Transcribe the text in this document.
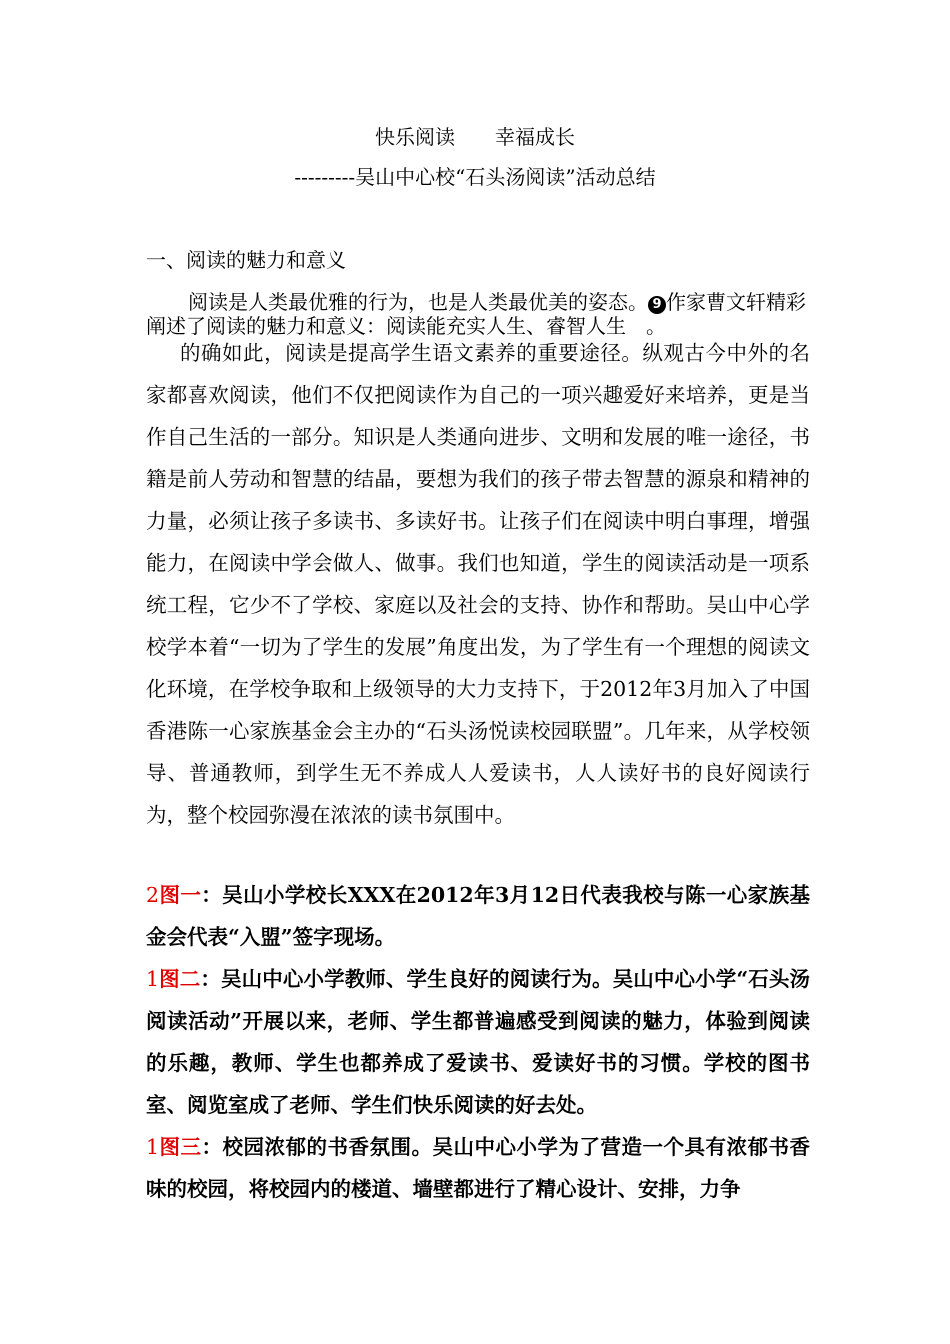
快乐阅读　　幸福成长
---------吴山中心校“石头汤阅读”活动总结
一、阅读的魅力和意义
阅读是人类最优雅的行为，也是人类最优美的姿态。 9 作家曹文轩精彩阐述了阅读的魅力和意义：阅读能充实人生、睿智人生　。
的确如此，阅读是提高学生语文素养的重要途径。纵观古今中外的名家都喜欢阅读，他们不仅把阅读作为自己的一项兴趣爱好来培养，更是当作自己生活的一部分。知识是人类通向进步、文明和发展的唯一途径，书籍是前人劳动和智慧的结晶，要想为我们的孩子带去智慧的源泉和精神的力量，必须让孩子多读书、多读好书。让孩子们在阅读中明白事理，增强能力，在阅读中学会做人、做事。我们也知道，学生的阅读活动是一项系统工程，它少不了学校、家庭以及社会的支持、协作和帮助。吴山中心学校学本着“一切为了学生的发展”角度出发，为了学生有一个理想的阅读文化环境，在学校争取和上级领导的大力支持下，于2012年3月加入了中国香港陈一心家族基金会主办的“石头汤悦读校园联盟”。几年来，从学校领导、普通教师，到学生无不养成人人爱读书，人人读好书的良好阅读行为，整个校园弥漫在浓浓的读书氛围中。
2图一：吴山小学校长XXX在2012年3月12日代表我校与陈一心家族基金会代表“入盟”签字现场。
1图二：吴山中心小学教师、学生良好的阅读行为。吴山中心小学“石头汤阅读活动”开展以来，老师、学生都普遍感受到阅读的魅力，体验到阅读的乐趣，教师、学生也都养成了爱读书、爱读好书的习惯。学校的图书室、阅览室成了老师、学生们快乐阅读的好去处。
1图三：校园浓郁的书香氛围。吴山中心小学为了营造一个具有浓郁书香味的校园，将校园内的楼道、墙壁都进行了精心设计、安排，力争
